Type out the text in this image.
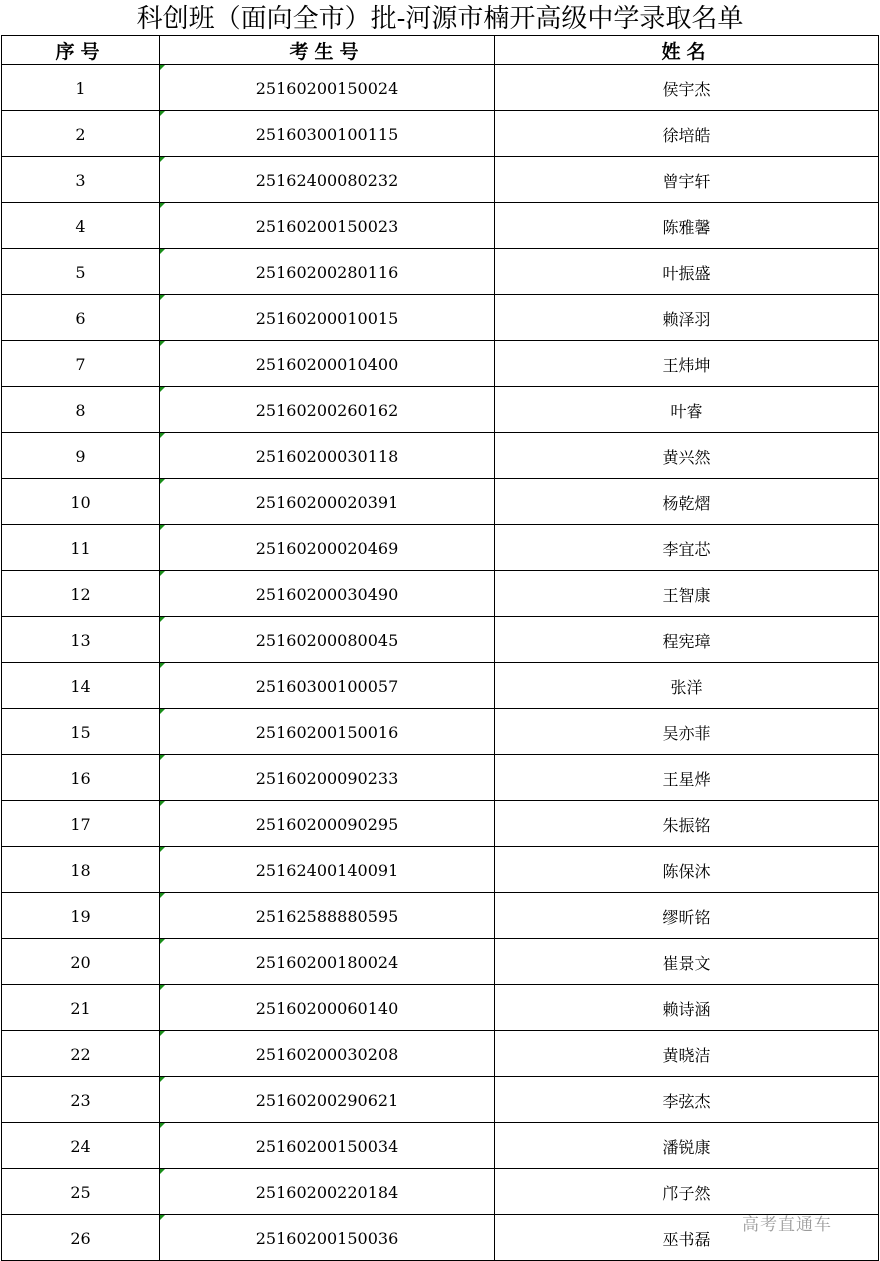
科创班（面向全市）批-河源市楠开高级中学录取名单
序号	考生号	姓名
1	25160200150024	侯宇杰
2	25160300100115	徐培皓
3	25162400080232	曾宇轩
4	25160200150023	陈雅馨
5	25160200280116	叶振盛
6	25160200010015	赖泽羽
7	25160200010400	王炜坤
8	25160200260162	叶睿
9	25160200030118	黄兴然
10	25160200020391	杨乾熠
11	25160200020469	李宜芯
12	25160200030490	王智康
13	25160200080045	程宪璋
14	25160300100057	张洋
15	25160200150016	吴亦菲
16	25160200090233	王星烨
17	25160200090295	朱振铭
18	25162400140091	陈保沐
19	25162588880595	缪昕铭
20	25160200180024	崔景文
21	25160200060140	赖诗涵
22	25160200030208	黄晓洁
23	25160200290621	李弦杰
24	25160200150034	潘锐康
25	25160200220184	邝子然
26	25160200150036	巫书磊
高考直通车
